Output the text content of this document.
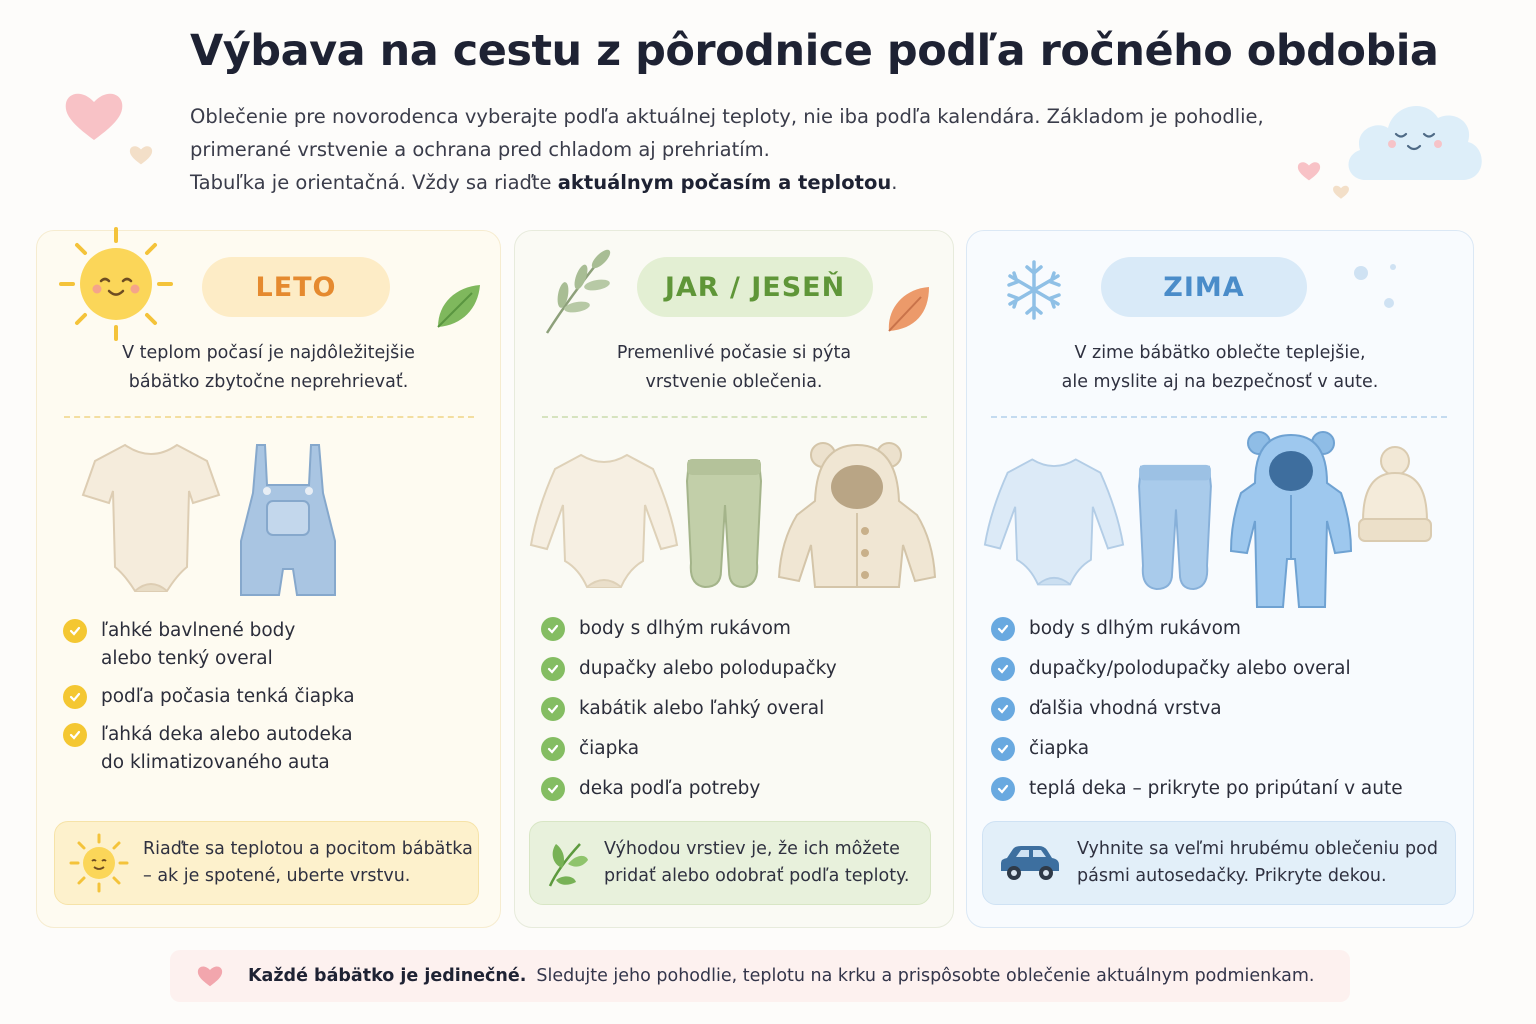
Výbava na cestu z pôrodnice podľa ročného obdobia

Oblečenie pre novorodenca vyberajte podľa aktuálnej teploty, nie iba podľa kalendára. Základom je pohodlie,

primerané vrstvenie a ochrana pred chladom aj prehriatím.

Tabuľka je orientačná. Vždy sa riaďte aktuálnym počasím a teplotou.

LETO
V teplom počasí je najdôležitejšie
bábätko zbytočne neprehrievať.
ľahké bavlnené body
alebo tenký overal
podľa počasia tenká čiapka
ľahká deka alebo autodeka
do klimatizovaného auta
Riaďte sa teplotou a pocitom bábätka
– ak je spotené, uberte vrstvu.
JAR / JESEŇ
Premenlivé počasie si pýta
vrstvenie oblečenia.
body s dlhým rukávom
dupačky alebo polodupačky
kabátik alebo ľahký overal
čiapka
deka podľa potreby
Výhodou vrstiev je, že ich môžete
pridať alebo odobrať podľa teploty.
ZIMA
V zime bábätko oblečte teplejšie,
ale myslite aj na bezpečnosť v aute.
body s dlhým rukávom
dupačky/polodupačky alebo overal
ďalšia vhodná vrstva
čiapka
teplá deka – prikryte po pripútaní v aute
Vyhnite sa veľmi hrubému oblečeniu pod
pásmi autosedačky. Prikryte dekou.
Každé bábätko je jedinečné. Sledujte jeho pohodlie, teplotu na krku a prispôsobte oblečenie aktuálnym podmienkam.
